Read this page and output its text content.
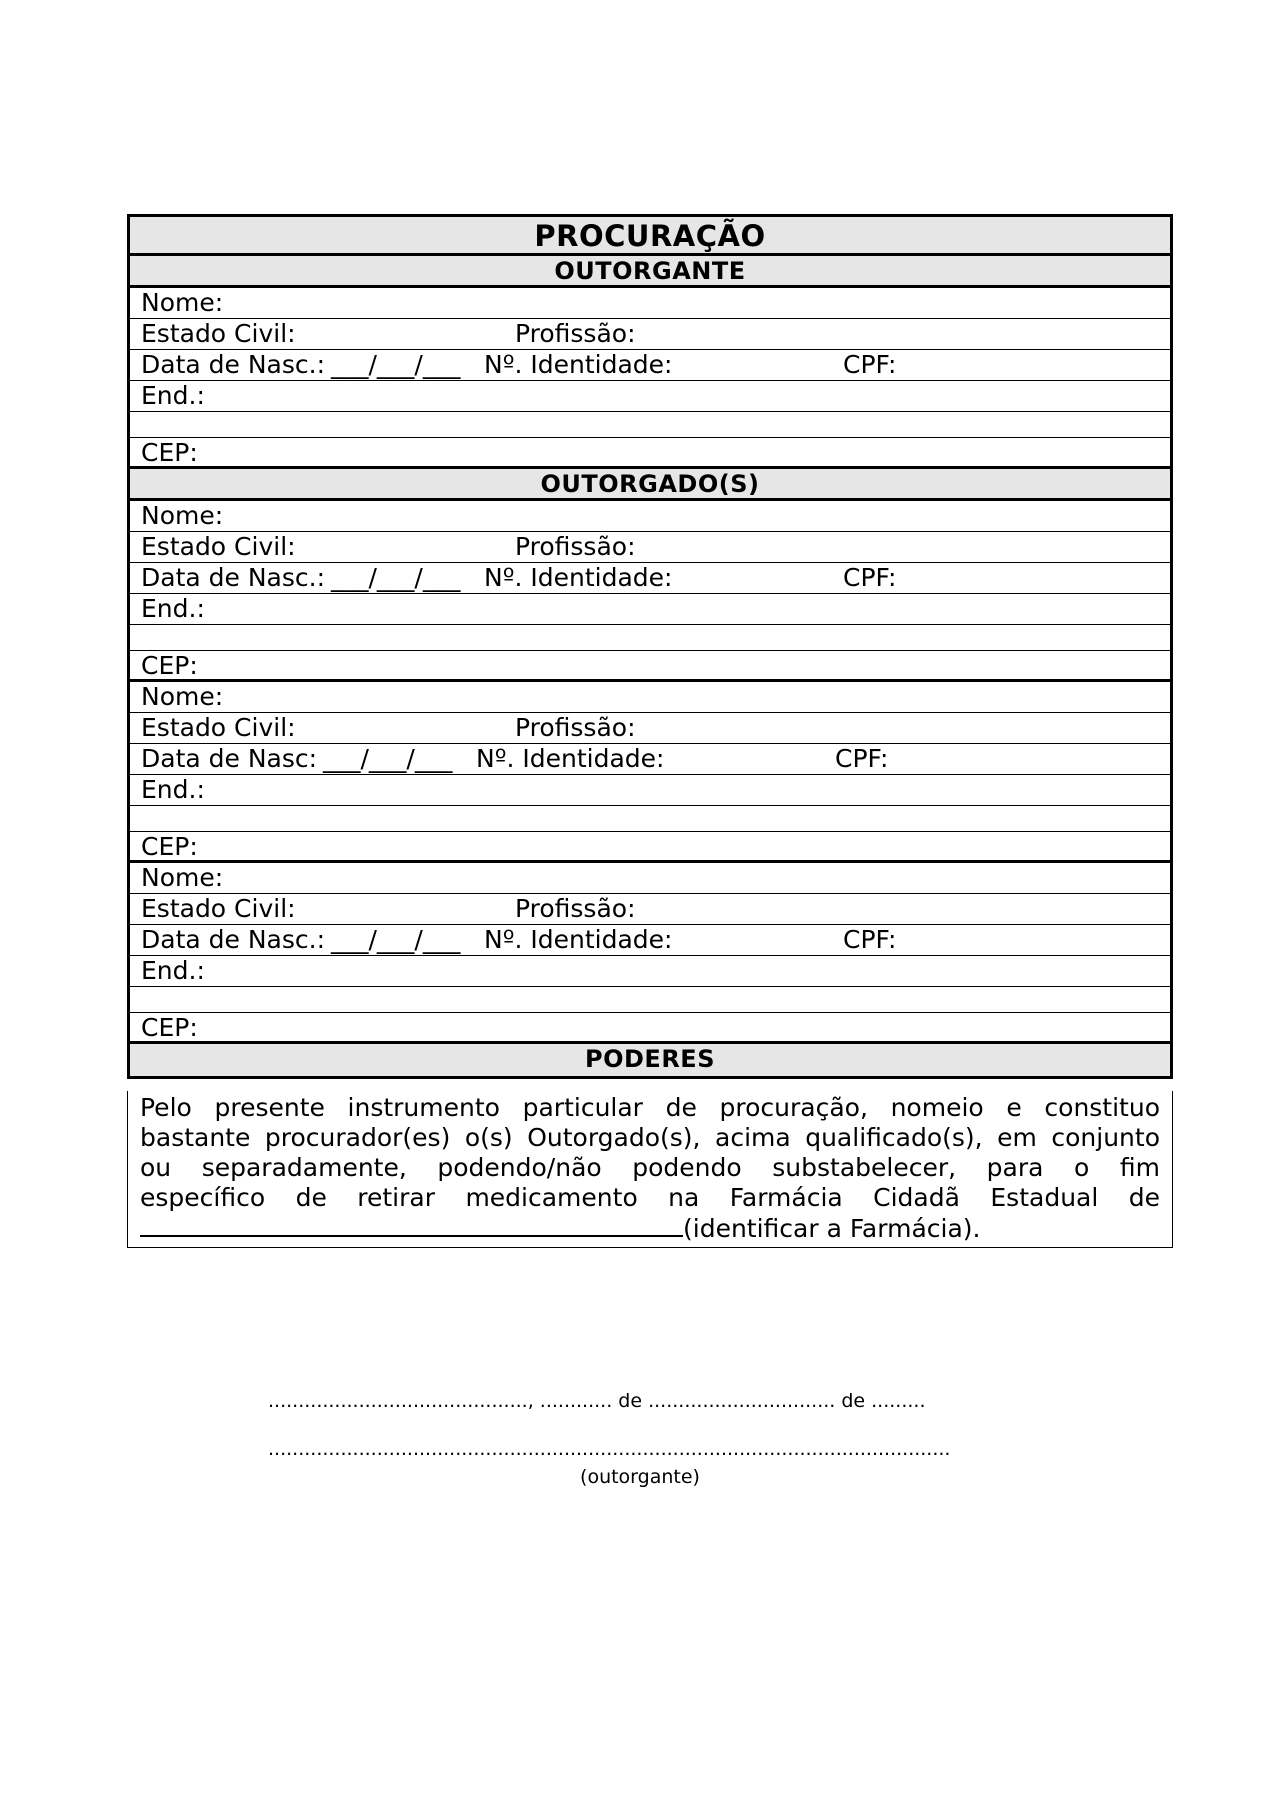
PROCURAÇÃO
OUTORGANTE
Nome:
Estado Civil:	Profissão:
Data de Nasc.: ___/___/___ Nº. Identidade:	CPF:
End.:
CEP:
OUTORGADO(S)
Nome:
Estado Civil:	Profissão:
Data de Nasc.: ___/___/___ Nº. Identidade:	CPF:
End.:
CEP:
Nome:
Estado Civil:	Profissão:
Data de Nasc: ___/___/___ Nº. Identidade:	CPF:
End.:
CEP:
Nome:
Estado Civil:	Profissão:
Data de Nasc.: ___/___/___ Nº. Identidade:	CPF:
End.:
CEP:
PODERES
Pelo presente instrumento particular de procuração, nomeio e constituo
bastante procurador(es) o(s) Outorgado(s), acima qualificado(s), em conjunto
ou separadamente, podendo/não podendo substabelecer, para o fim
específico de retirar medicamento na Farmácia Cidadã Estadual de
(identificar a Farmácia).
..........................................., ............ de ............................... de .........
.................................................................................................................
(outorgante)
